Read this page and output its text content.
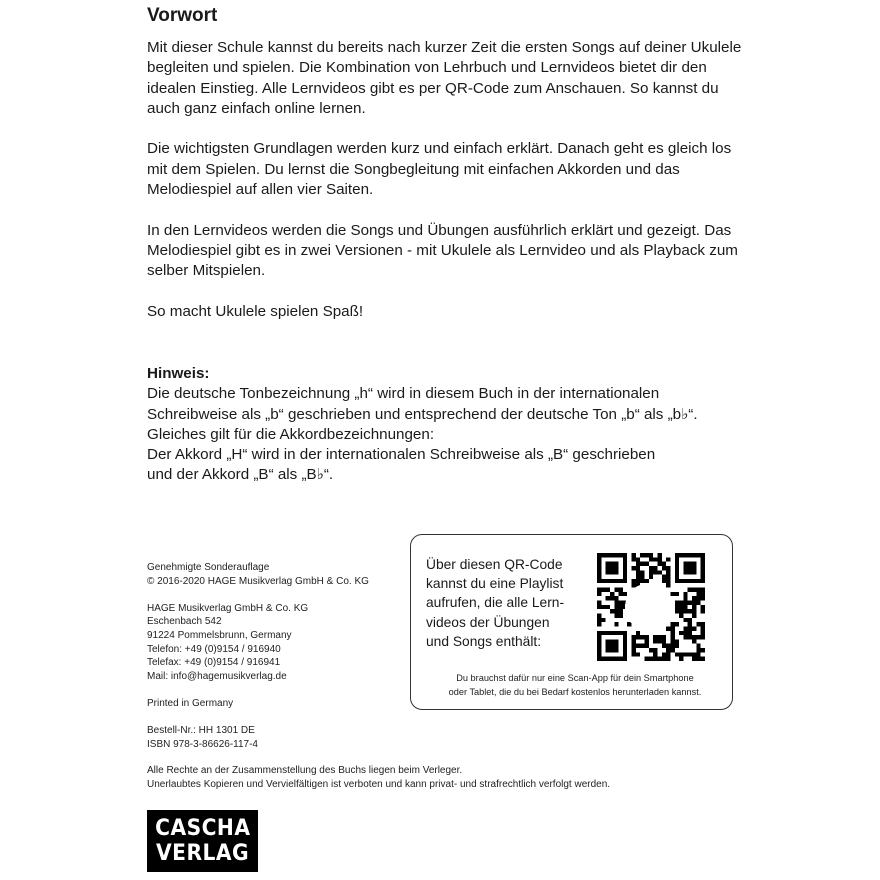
Vorwort

Mit dieser Schule kannst du bereits nach kurzer Zeit die ersten Songs auf deiner Ukulele begleiten und spielen. Die Kombination von Lehrbuch und Lernvideos bietet dir den idealen Einstieg. Alle Lernvideos gibt es per QR-Code zum Anschauen. So kannst du auch ganz einfach online lernen.

Die wichtigsten Grundlagen werden kurz und einfach erklärt. Danach geht es gleich los mit dem Spielen. Du lernst die Songbegleitung mit einfachen Akkorden und das Melodiespiel auf allen vier Saiten.

In den Lernvideos werden die Songs und Übungen ausführlich erklärt und gezeigt. Das Melodiespiel gibt es in zwei Versionen - mit Ukulele als Lernvideo und als Playback zum selber Mitspielen.

So macht Ukulele spielen Spaß!

Hinweis:
Die deutsche Tonbezeichnung „h“ wird in diesem Buch in der internationalen
Schreibweise als „b“ geschrieben und entsprechend der deutsche Ton „b“ als „b♭“.
Gleiches gilt für die Akkordbezeichnungen:
Der Akkord „H“ wird in der internationalen Schreibweise als „B“ geschrieben
und der Akkord „B“ als „B♭“.
Genehmigte Sonderauflage
© 2016-2020 HAGE Musikverlag GmbH & Co. KG
HAGE Musikverlag GmbH & Co. KG
Eschenbach 542
91224 Pommelsbrunn, Germany
Telefon: +49 (0)9154 / 916940
Telefax: +49 (0)9154 / 916941
Mail: info@hagemusikverlag.de
Printed in Germany
Bestell-Nr.: HH 1301 DE
ISBN 978-3-86626-117-4
Alle Rechte an der Zusammenstellung des Buchs liegen beim Verleger.
Unerlaubtes Kopieren und Vervielfältigen ist verboten und kann privat- und strafrechtlich verfolgt werden.
Über diesen QR-Code
kannst du eine Playlist
aufrufen, die alle Lern-
videos der Übungen
und Songs enthält:
Du brauchst dafür nur eine Scan-App für dein Smartphone
oder Tablet, die du bei Bedarf kostenlos herunterladen kannst.
CASCHA
VERLAG
